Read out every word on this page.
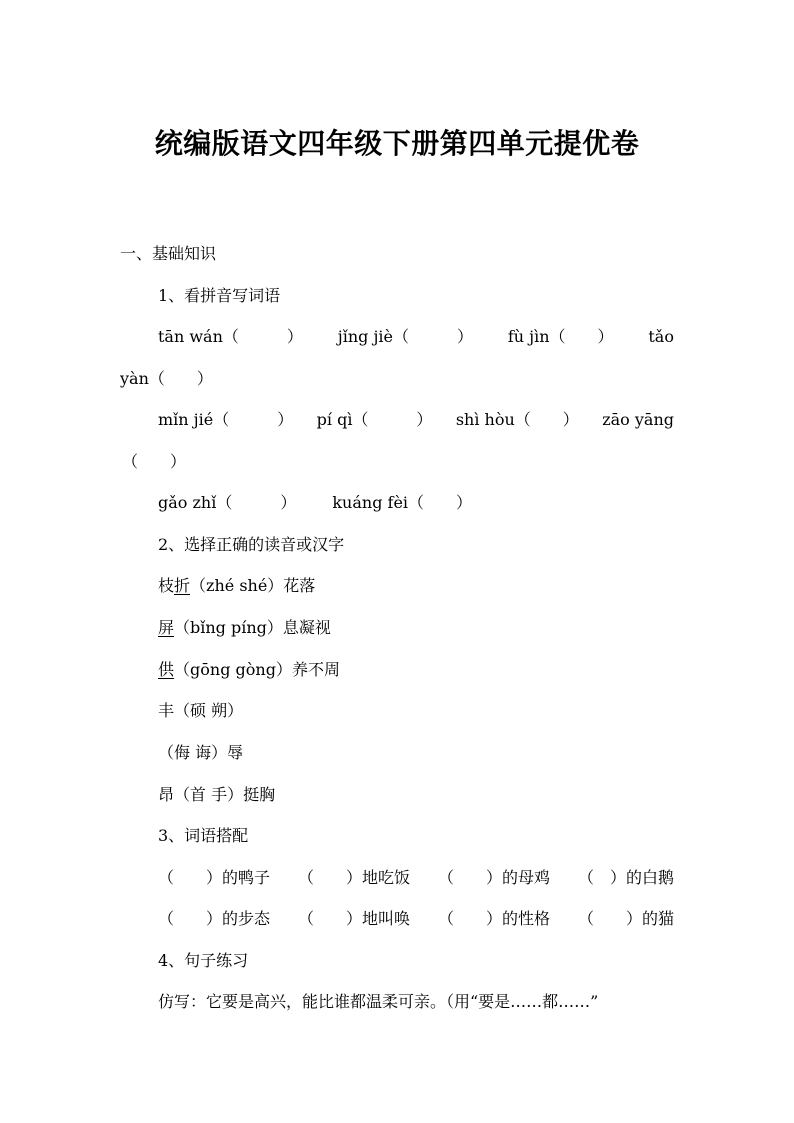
统编版语文四年级下册第四单元提优卷
一、基础知识
1、看拼音写词语
tān wán（　　　） jǐng jiè（　　　） fù jìn（　　） tǎo
yàn（　　）
mǐn jié（　　　） pí qì（　　　） shì hòu（　　） zāo yāng
（　　）
gǎo zhǐ（　　　） kuáng fèi（　　）
2、选择正确的读音或汉字
枝折（zhé shé）花落
屏（bǐng píng）息凝视
供（gōng gòng）养不周
丰（硕 朔）
（侮 诲）辱
昂（首 手）挺胸
3、词语搭配
（　　）的鸭子 （　　）地吃饭 （　　）的母鸡 （　）的白鹅
（　　）的步态 （　　）地叫唤 （　　）的性格 （　　）的猫
4、句子练习
仿写：它要是高兴，能比谁都温柔可亲。（用“要是……都……”
